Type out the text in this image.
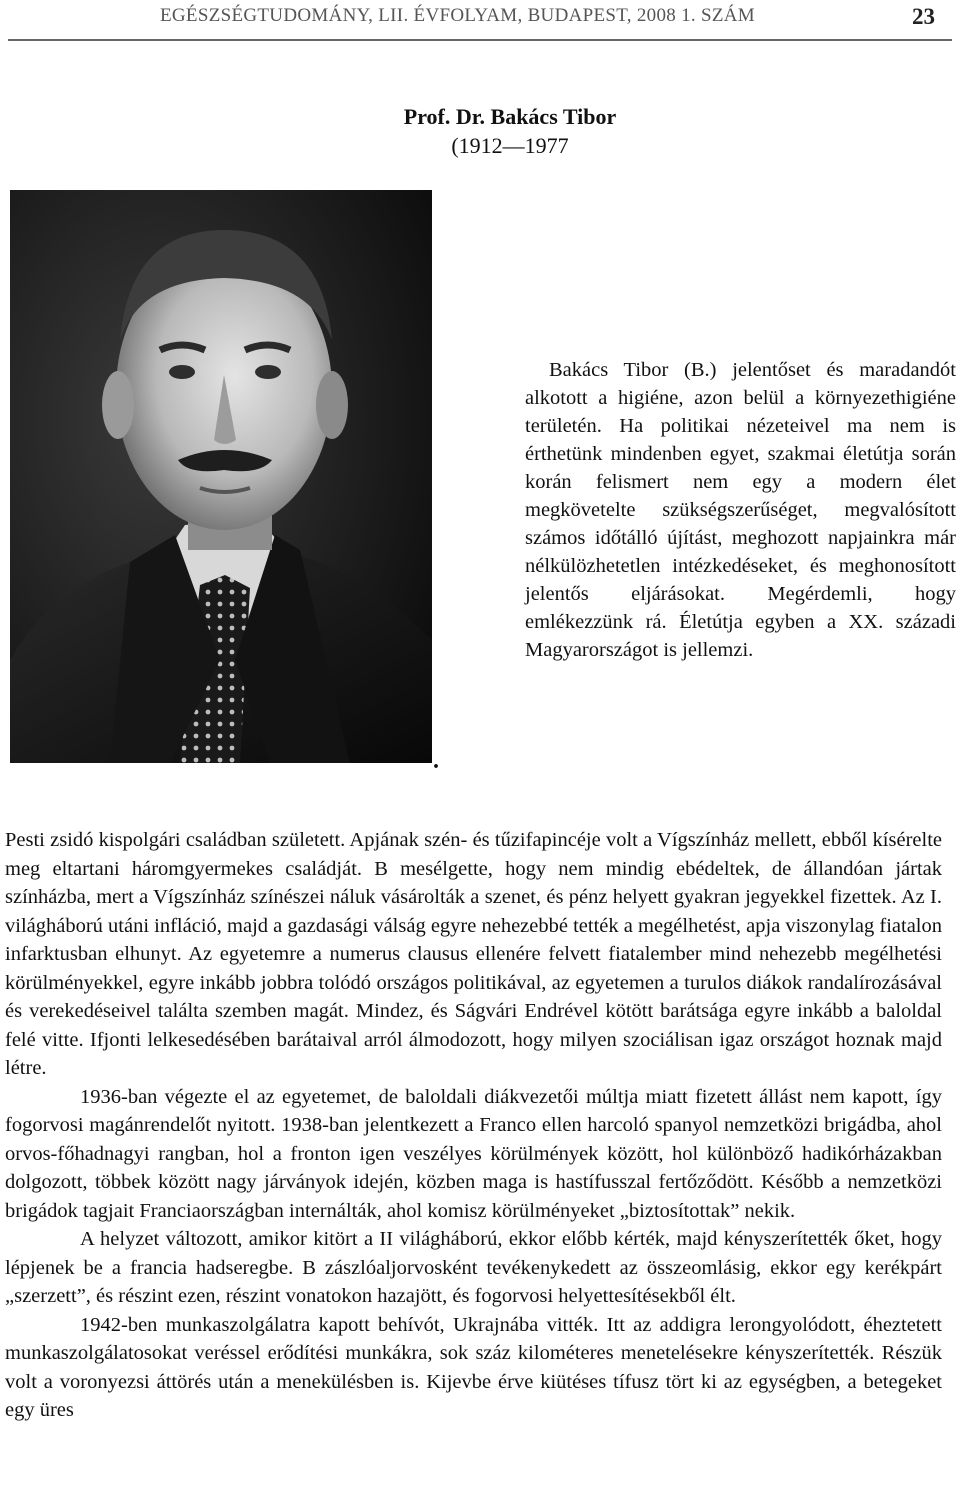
EGÉSZSÉGTUDOMÁNY, LII. ÉVFOLYAM, BUDAPEST, 2008 1. SZÁM	23
Prof. Dr. Bakács Tibor
(1912—1977
.

Bakács Tibor (B.) jelentőset és maradandót alkotott a higiéne, azon belül a környezethigiéne területén. Ha politikai nézeteivel ma nem is érthetünk mindenben egyet, szakmai életútja során korán felismert nem egy a modern élet megkövetelte szükségszerűséget, megvalósított számos időtálló újítást, meghozott napjainkra már nélkülözhetetlen intézkedéseket, és meghonosított jelentős eljárásokat. Megérdemli, hogy emlékezzünk rá. Életútja egyben a XX. századi Magyarországot is jellemzi.

Pesti zsidó kispolgári családban született. Apjának szén- és tűzifapincéje volt a Vígszínház mellett, ebből kísérelte meg eltartani háromgyermekes családját. B mesélgette, hogy nem mindig ebédeltek, de állandóan jártak színházba, mert a Vígszínház színészei náluk vásárolták a szenet, és pénz helyett gyakran jegyekkel fizettek. Az I. világháború utáni infláció, majd a gazdasági válság egyre nehezebbé tették a megélhetést, apja viszonylag fiatalon infarktusban elhunyt. Az egyetemre a numerus clausus ellenére felvett fiatalember mind nehezebb megélhetési körülményekkel, egyre inkább jobbra tolódó országos politikával, az egyetemen a turulos diákok randalírozásával és verekedéseivel találta szemben magát. Mindez, és Ságvári Endrével kötött barátsága egyre inkább a baloldal felé vitte. Ifjonti lelkesedésében barátaival arról álmodozott, hogy milyen szociálisan igaz országot hoznak majd létre.

1936-ban végezte el az egyetemet, de baloldali diákvezetői múltja miatt fizetett állást nem kapott, így fogorvosi magánrendelőt nyitott. 1938-ban jelentkezett a Franco ellen harcoló spanyol nemzetközi brigádba, ahol orvos-főhadnagyi rangban, hol a fronton igen veszélyes körülmények között, hol különböző hadikórházakban dolgozott, többek között nagy járványok idején, közben maga is hastífusszal fertőződött. Később a nemzetközi brigádok tagjait Franciaországban internálták, ahol komisz körülményeket „biztosítottak” nekik.

A helyzet változott, amikor kitört a II világháború, ekkor előbb kérték, majd kényszerítették őket, hogy lépjenek be a francia hadseregbe. B zászlóaljorvosként tevékenykedett az összeomlásig, ekkor egy kerékpárt „szerzett”, és részint ezen, részint vonatokon hazajött, és fogorvosi helyettesítésekből élt.

1942-ben munkaszolgálatra kapott behívót, Ukrajnába vitték. Itt az addigra lerongyolódott, éheztetett munkaszolgálatosokat veréssel erődítési munkákra, sok száz kilométeres menetelésekre kényszerítették. Részük volt a voronyezsi áttörés után a menekülésben is. Kijevbe érve kiütéses tífusz tört ki az egységben, a betegeket egy üres
